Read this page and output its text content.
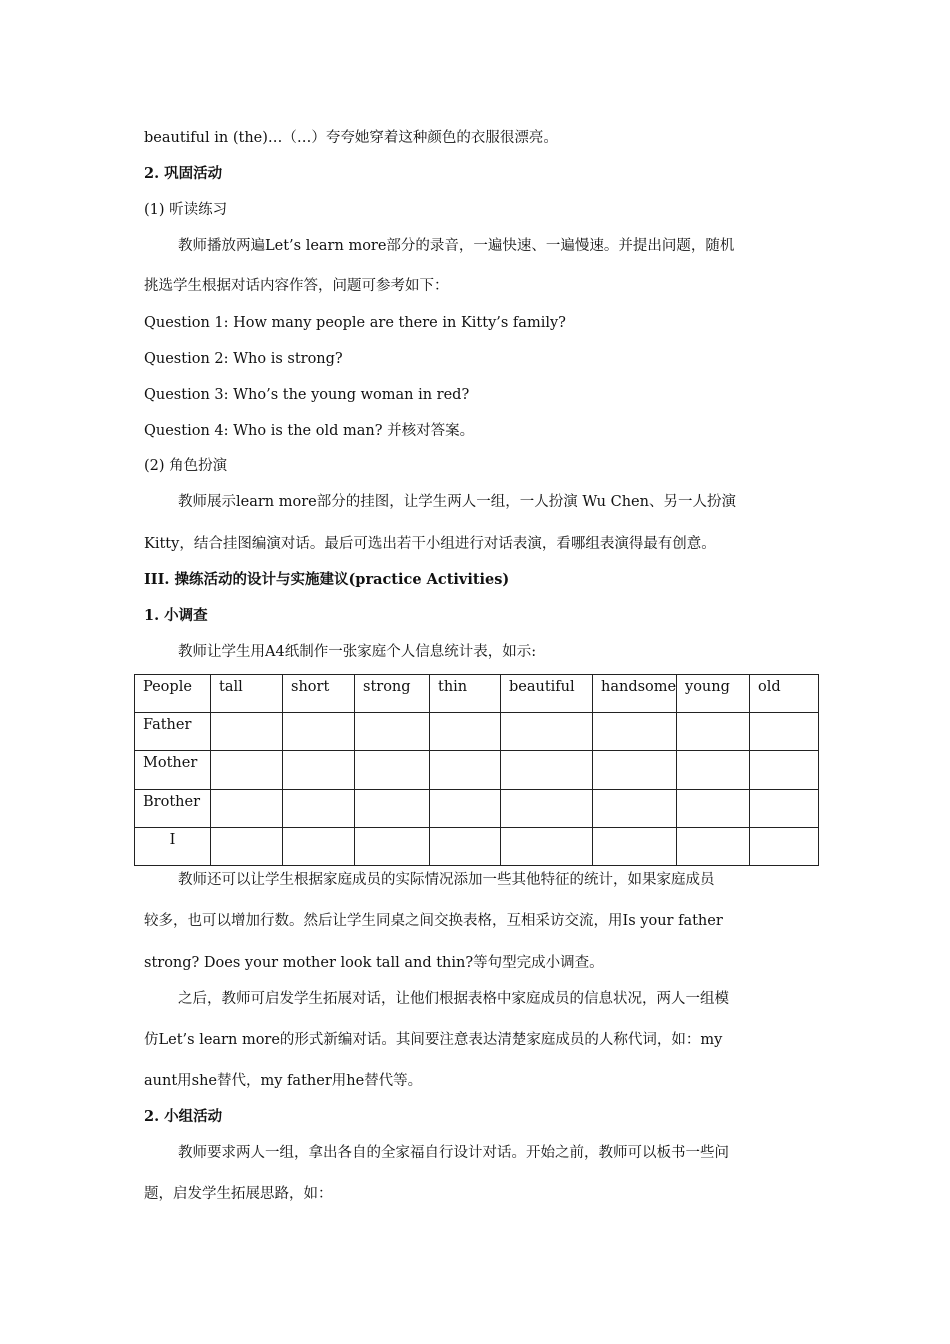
beautiful in (the)…（…）夸夸她穿着这种颜色的衣服很漂亮。
2. 巩固活动
(1) 听读练习
教师播放两遍Let’s learn more部分的录音，一遍快速、一遍慢速。并提出问题，随机
挑选学生根据对话内容作答，问题可参考如下：
Question 1: How many people are there in Kitty’s family?
Question 2: Who is strong?
Question 3: Who’s the young woman in red?
Question 4: Who is the old man? 并核对答案。
(2) 角色扮演
教师展示learn more部分的挂图，让学生两人一组，一人扮演 Wu Chen、另一人扮演
Kitty，结合挂图编演对话。最后可选出若干小组进行对话表演，看哪组表演得最有创意。
III. 操练活动的设计与实施建议(practice Activities)
1. 小调查
教师让学生用A4纸制作一张家庭个人信息统计表，如示:
People	tall	short	strong	thin	beautiful	handsome	young	old
Father								
Mother								
Brother								
I								
教师还可以让学生根据家庭成员的实际情况添加一些其他特征的统计，如果家庭成员
较多，也可以增加行数。然后让学生同桌之间交换表格，互相采访交流，用Is your father
strong? Does your mother look tall and thin?等句型完成小调查。
之后，教师可启发学生拓展对话，让他们根据表格中家庭成员的信息状况，两人一组模
仿Let’s learn more的形式新编对话。其间要注意表达清楚家庭成员的人称代词，如：my
aunt用she替代，my father用he替代等。
2. 小组活动
教师要求两人一组，拿出各自的全家福自行设计对话。开始之前，教师可以板书一些问
题，启发学生拓展思路，如：
